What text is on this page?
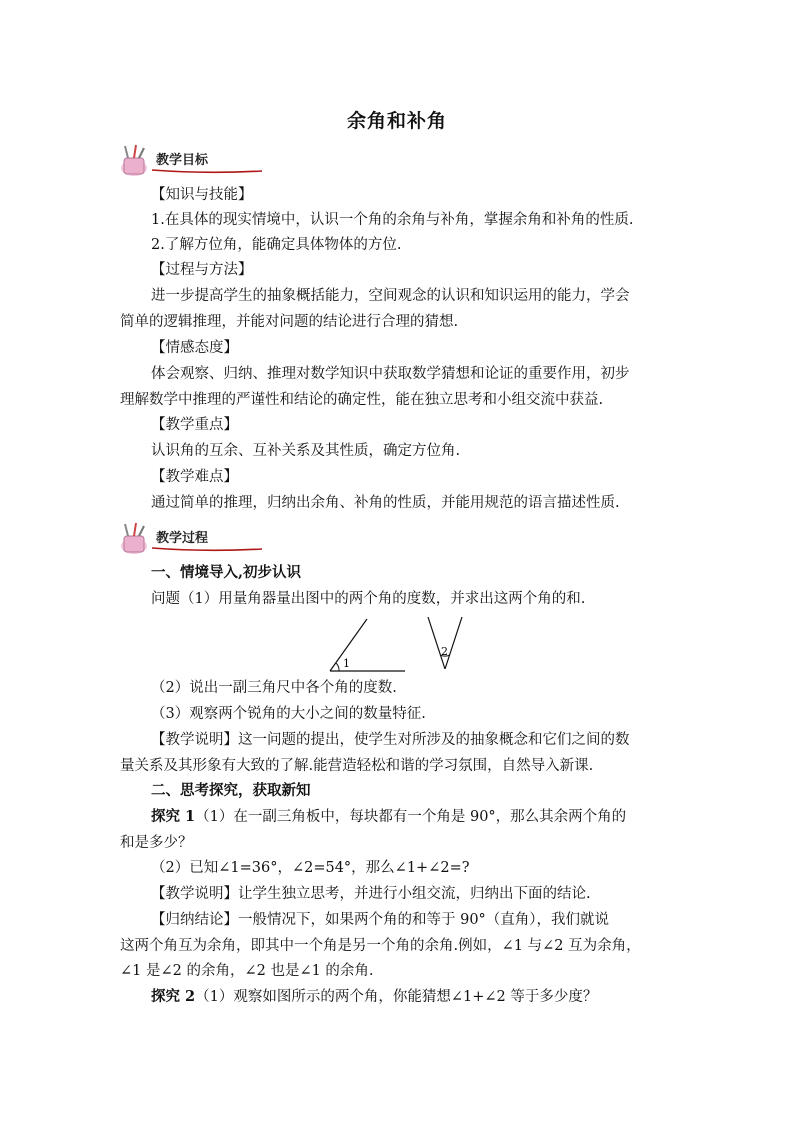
余角和补角
教学目标
【知识与技能】
1.在具体的现实情境中，认识一个角的余角与补角，掌握余角和补角的性质.
2.了解方位角，能确定具体物体的方位.
【过程与方法】
进一步提高学生的抽象概括能力，空间观念的认识和知识运用的能力，学会
简单的逻辑推理，并能对问题的结论进行合理的猜想.
【情感态度】
体会观察、归纳、推理对数学知识中获取数学猜想和论证的重要作用，初步
理解数学中推理的严谨性和结论的确定性，能在独立思考和小组交流中获益.
【教学重点】
认识角的互余、互补关系及其性质，确定方位角.
【教学难点】
通过简单的推理，归纳出余角、补角的性质，并能用规范的语言描述性质.
教学过程
一、情境导入,初步认识
问题（1）用量角器量出图中的两个角的度数，并求出这两个角的和.
1
2
（2）说出一副三角尺中各个角的度数.
（3）观察两个锐角的大小之间的数量特征.
【教学说明】这一问题的提出，使学生对所涉及的抽象概念和它们之间的数
量关系及其形象有大致的了解.能营造轻松和谐的学习氛围，自然导入新课.
二、思考探究，获取新知
探究 1（1）在一副三角板中，每块都有一个角是 90°，那么其余两个角的
和是多少？
（2）已知∠1=36°，∠2=54°，那么∠1+∠2=?
【教学说明】让学生独立思考，并进行小组交流，归纳出下面的结论.
【归纳结论】一般情况下，如果两个角的和等于 90°（直角），我们就说
这两个角互为余角，即其中一个角是另一个角的余角.例如，∠1 与∠2 互为余角，
∠1 是∠2 的余角，∠2 也是∠1 的余角.
探究 2（1）观察如图所示的两个角，你能猜想∠1+∠2 等于多少度？
